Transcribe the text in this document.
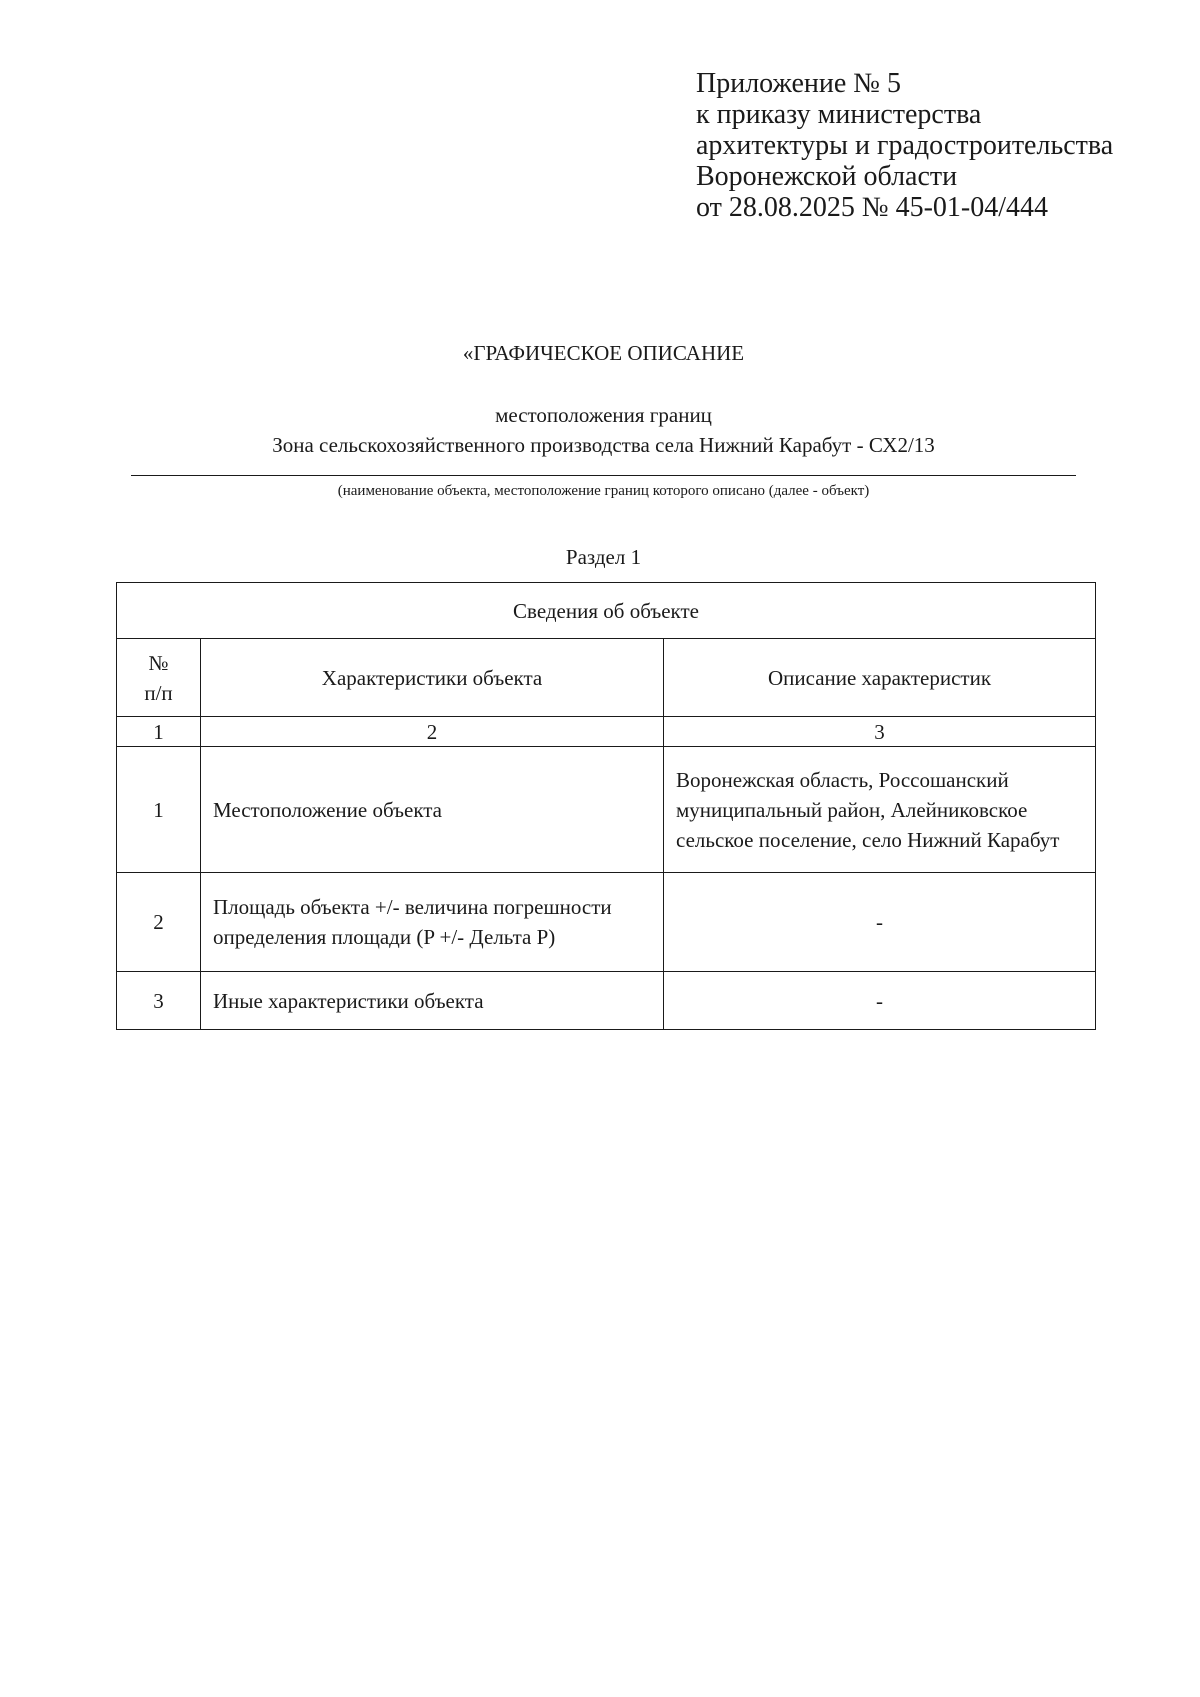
Приложение № 5
к приказу министерства
архитектуры и градостроительства
Воронежской области
от 28.08.2025 № 45-01-04/444
«ГРАФИЧЕСКОЕ ОПИСАНИЕ
местоположения границ
Зона сельскохозяйственного производства села Нижний Карабут - СХ2/13
(наименование объекта, местоположение границ которого описано (далее - объект)
Раздел 1
Сведения об объекте		

№
п/п	Характеристики объекта	Описание характеристик
1	2	3
1	Местоположение объекта	Воронежская область, Россошанский муниципальный район, Алейниковское сельское поселение, село Нижний Карабут
2	Площадь объекта +/- величина погрешности определения площади (P +/- Дельта P)	-
3	Иные характеристики объекта	-
